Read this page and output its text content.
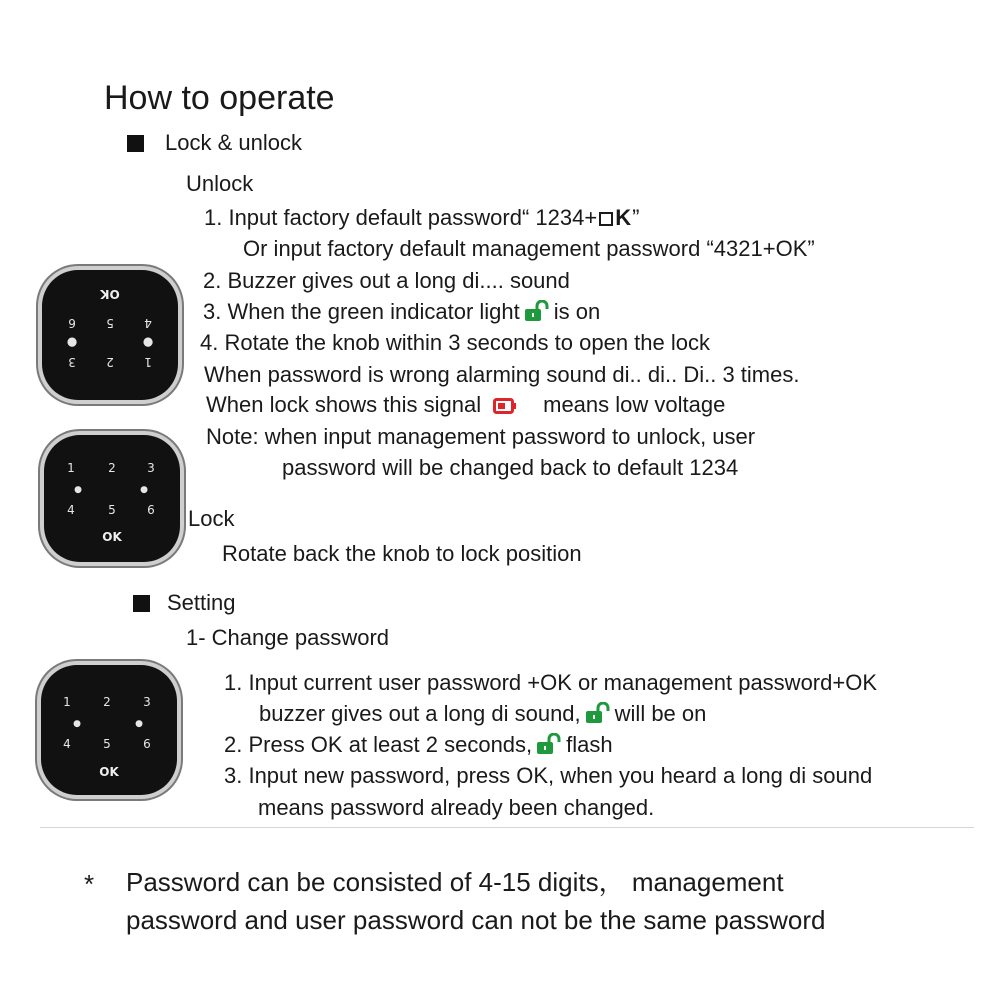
How to operate
Lock & unlock
Unlock
1. Input factory default password“ 1234+ K”
Or input factory default management password “4321+OK”
2. Buzzer gives out a long di.... sound
3. When the green indicator light is on
4. Rotate the knob within 3 seconds to open the lock
When password is wrong alarming sound di.. di.. Di.. 3 times.
When lock shows this signal	means low voltage
Note: when input management password to unlock, user
password will be changed back to default 1234
Lock
Rotate back the knob to lock position
Setting
1- Change password
1. Input current user password +OK or management password+OK
buzzer gives out a long di sound, will be on
2. Press OK at least 2 seconds, flash
3. Input new password, press OK, when you heard a long di sound
means password already been changed.
* Password can be consisted of 4-15 digits， management
password and user password can not be the same password
1
2
3
●
●
4
5
6
OK
1	2	3
●	●
4	5	6
OK
1	2	3
●	●
4	5	6
OK
